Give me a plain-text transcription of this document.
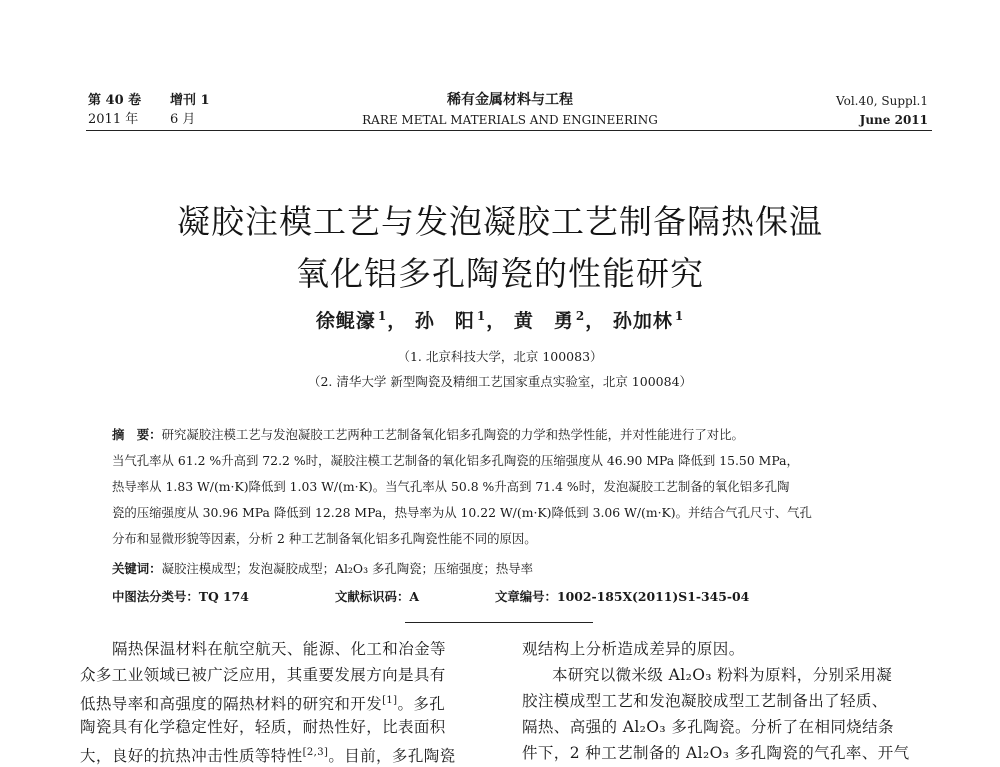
第 40 卷 增刊 1
2011 年 6 月
稀有金属材料与工程
RARE METAL MATERIALS AND ENGINEERING
Vol.40, Suppl.1
June 2011
凝胶注模工艺与发泡凝胶工艺制备隔热保温
氧化铝多孔陶瓷的性能研究
徐鲲濠 $^1$， 孙　阳 $^1$， 黄　勇 $^2$， 孙加林 $^1$
（1. 北京科技大学，北京 100083）
（2. 清华大学 新型陶瓷及精细工艺国家重点实验室，北京 100084）
摘　要：研究凝胶注模工艺与发泡凝胶工艺两种工艺制备氧化铝多孔陶瓷的力学和热学性能，并对性能进行了对比。
当气孔率从 61.2 %升高到 72.2 %时，凝胶注模工艺制备的氧化铝多孔陶瓷的压缩强度从 46.90 MPa 降低到 15.50 MPa，
热导率从 1.83 W/(m·K)降低到 1.03 W/(m·K)。当气孔率从 50.8 %升高到 71.4 %时，发泡凝胶工艺制备的氧化铝多孔陶
瓷的压缩强度从 30.96 MPa 降低到 12.28 MPa，热导率为从 10.22 W/(m·K)降低到 3.06 W/(m·K)。并结合气孔尺寸、气孔
分布和显微形貌等因素，分析 2 种工艺制备氧化铝多孔陶瓷性能不同的原因。
关键词：凝胶注模成型；发泡凝胶成型；Al₂O₃ 多孔陶瓷；压缩强度；热导率
中图法分类号：TQ 174	文献标识码：A	文章编号：1002-185X(2011)S1-345-04
隔热保温材料在航空航天、能源、化工和冶金等
众多工业领域已被广泛应用，其重要发展方向是具有
低热导率和高强度的隔热材料的研究和开发[1]。多孔
陶瓷具有化学稳定性好，轻质，耐热性好，比表面积
大，良好的抗热冲击性质等特性[2,3]。目前，多孔陶瓷
观结构上分析造成差异的原因。
本研究以微米级 Al₂O₃ 粉料为原料，分别采用凝
胶注模成型工艺和发泡凝胶成型工艺制备出了轻质、
隔热、高强的 Al₂O₃ 多孔陶瓷。分析了在相同烧结条
件下，2 种工艺制备的 Al₂O₃ 多孔陶瓷的气孔率、开气
